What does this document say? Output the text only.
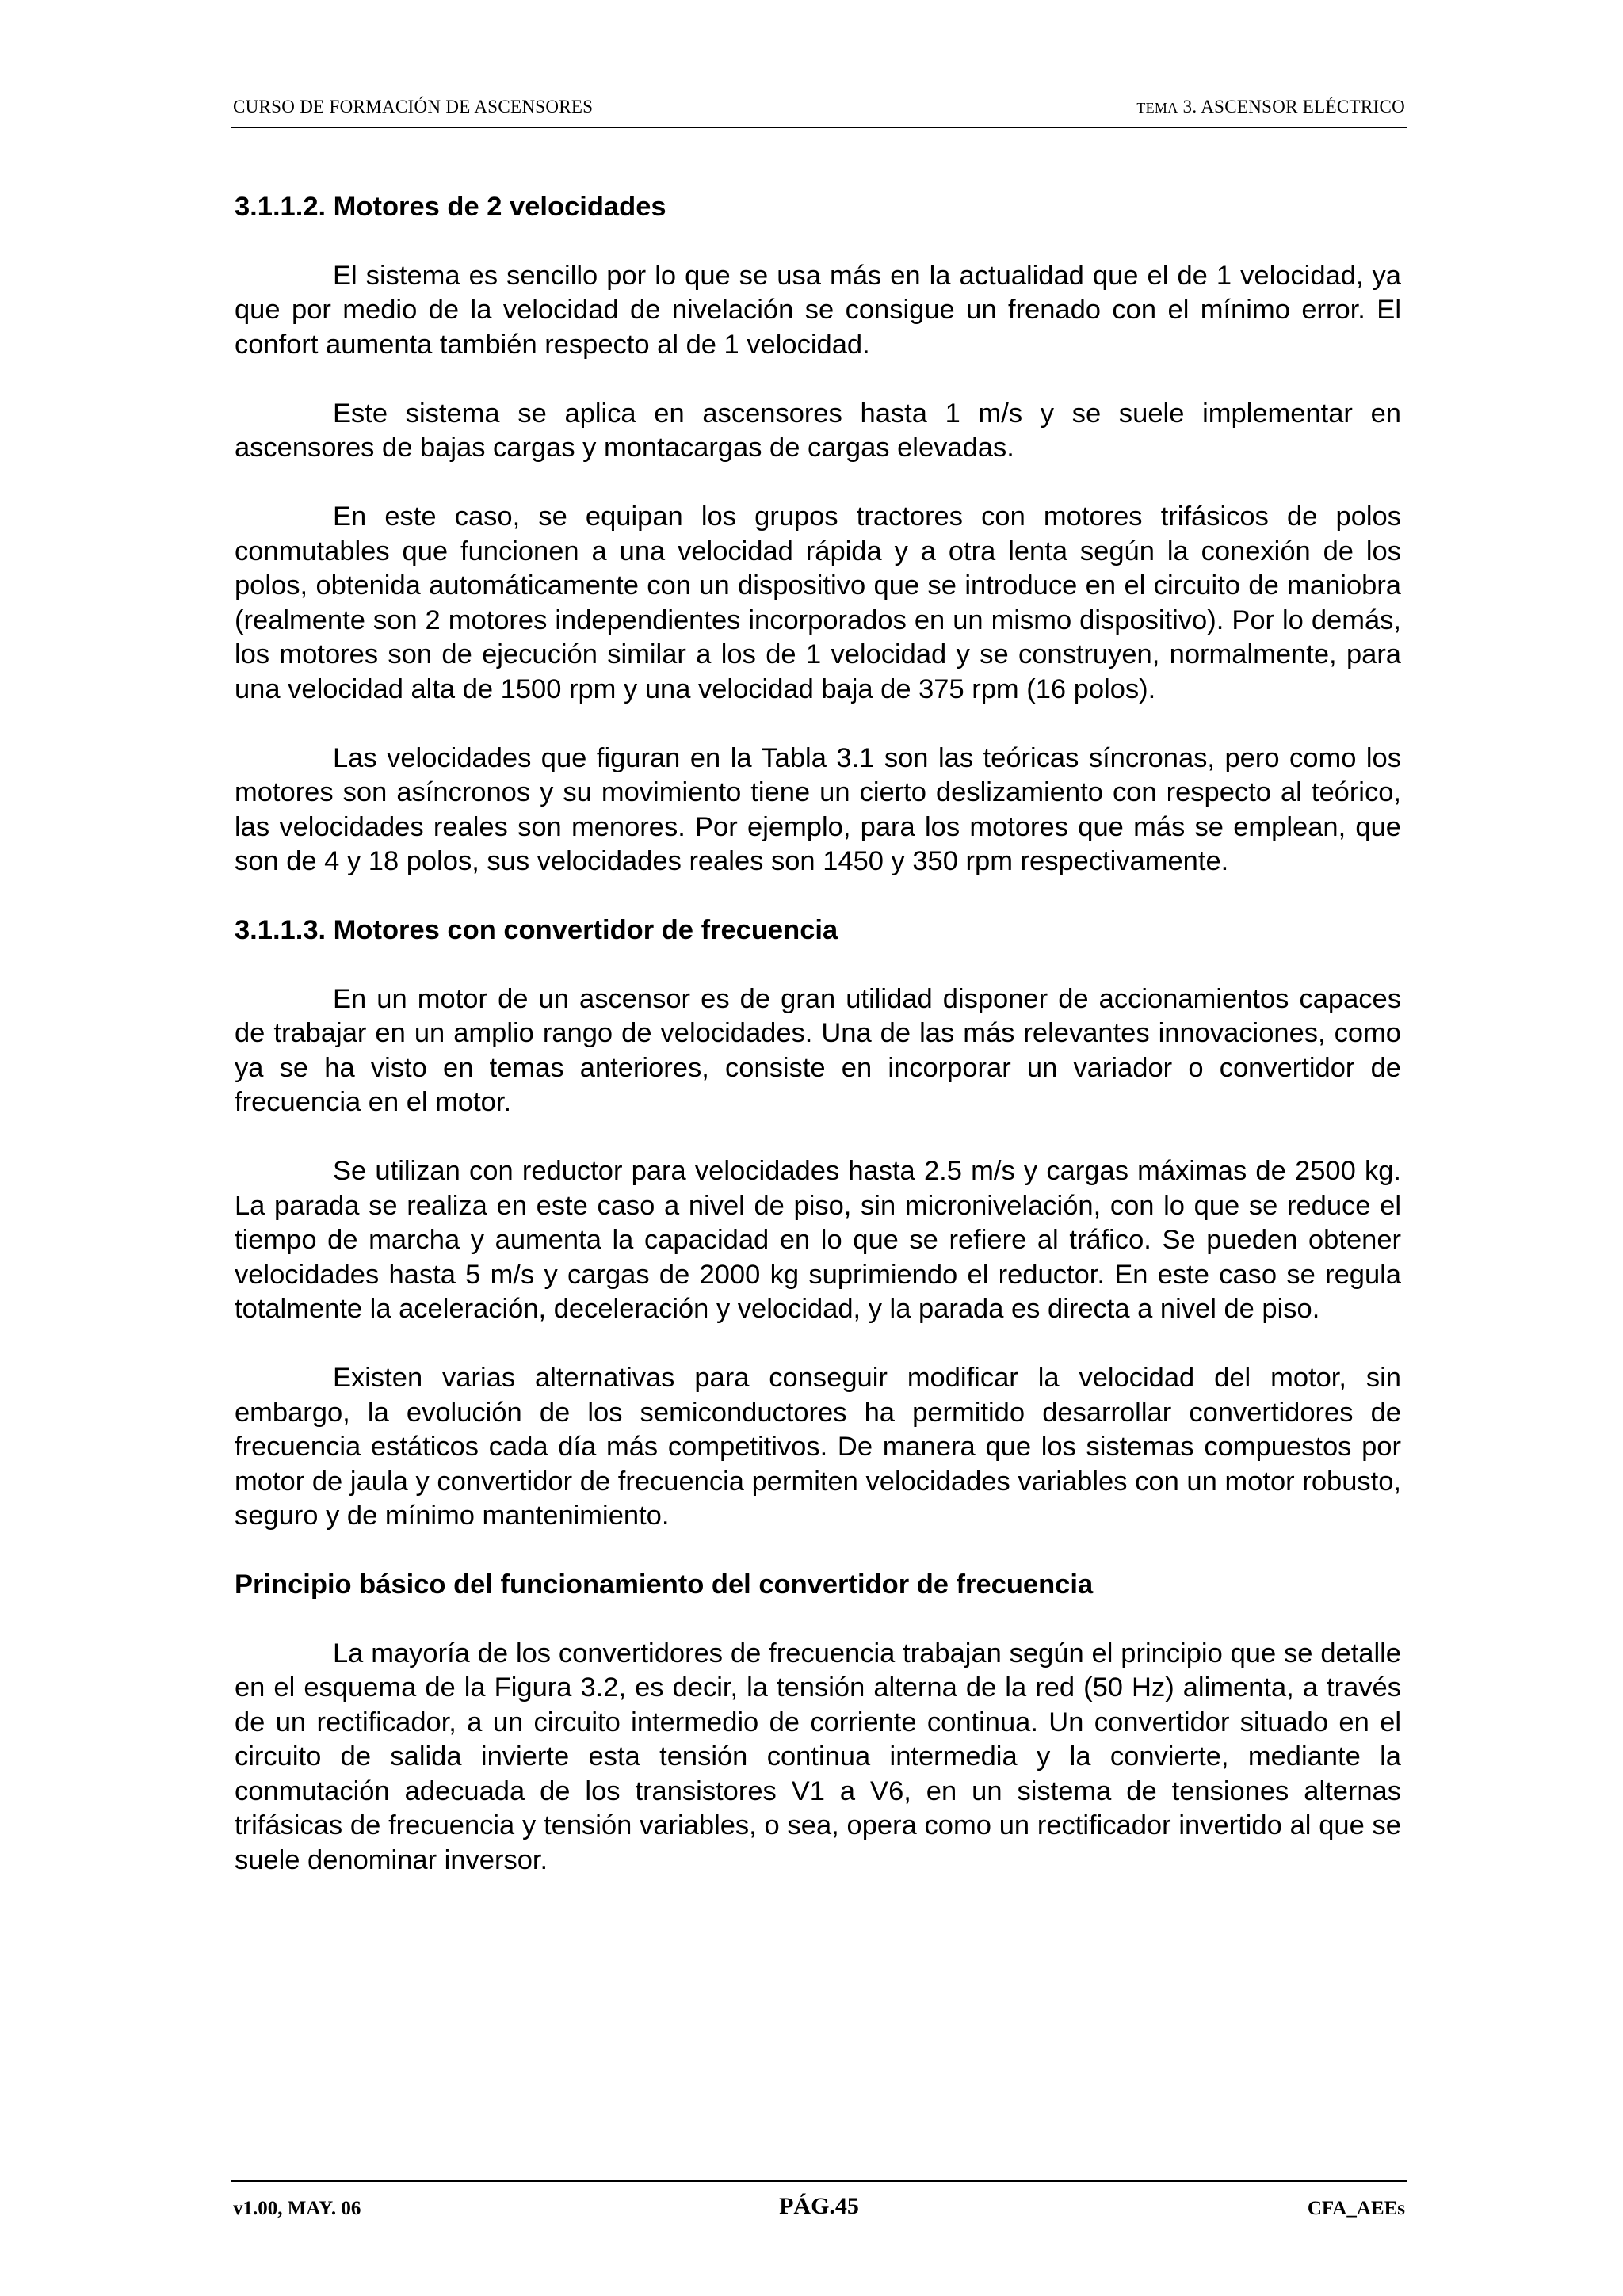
CURSO DE FORMACIÓN DE ASCENSORES	TEMA 3. ASCENSOR ELÉCTRICO
3.1.1.2. Motores de 2 velocidades

El sistema es sencillo por lo que se usa más en la actualidad que el de 1 velocidad, ya que por medio de la velocidad de nivelación se consigue un frenado con el mínimo error. El confort aumenta también respecto al de 1 velocidad.

Este sistema se aplica en ascensores hasta 1 m/s y se suele implementar en ascensores de bajas cargas y montacargas de cargas elevadas.

En este caso, se equipan los grupos tractores con motores trifásicos de polos conmutables que funcionen a una velocidad rápida y a otra lenta según la conexión de los polos, obtenida automáticamente con un dispositivo que se introduce en el circuito de maniobra (realmente son 2 motores independientes incorporados en un mismo dispositivo). Por lo demás, los motores son de ejecución similar a los de 1 velocidad y se construyen, normalmente, para una velocidad alta de 1500 rpm y una velocidad baja de 375 rpm (16 polos).

Las velocidades que figuran en la Tabla 3.1 son las teóricas síncronas, pero como los motores son asíncronos y su movimiento tiene un cierto deslizamiento con respecto al teórico, las velocidades reales son menores. Por ejemplo, para los motores que más se emplean, que son de 4 y 18 polos, sus velocidades reales son 1450 y 350 rpm respectivamente.

3.1.1.3. Motores con convertidor de frecuencia

En un motor de un ascensor es de gran utilidad disponer de accionamientos capaces de trabajar en un amplio rango de velocidades. Una de las más relevantes innovaciones, como ya se ha visto en temas anteriores, consiste en incorporar un variador o convertidor de frecuencia en el motor.

Se utilizan con reductor para velocidades hasta 2.5 m/s y cargas máximas de 2500 kg. La parada se realiza en este caso a nivel de piso, sin micronivelación, con lo que se reduce el tiempo de marcha y aumenta la capacidad en lo que se refiere al tráfico. Se pueden obtener velocidades hasta 5 m/s y cargas de 2000 kg suprimiendo el reductor. En este caso se regula totalmente la aceleración, deceleración y velocidad, y la parada es directa a nivel de piso.

Existen varias alternativas para conseguir modificar la velocidad del motor, sin embargo, la evolución de los semiconductores ha permitido desarrollar convertidores de frecuencia estáticos cada día más competitivos. De manera que los sistemas compuestos por motor de jaula y convertidor de frecuencia permiten velocidades variables con un motor robusto, seguro y de mínimo mantenimiento.

Principio básico del funcionamiento del convertidor de frecuencia

La mayoría de los convertidores de frecuencia trabajan según el principio que se detalle en el esquema de la Figura 3.2, es decir, la tensión alterna de la red (50 Hz) alimenta, a través de un rectificador, a un circuito intermedio de corriente continua. Un convertidor situado en el circuito de salida invierte esta tensión continua intermedia y la convierte, mediante la conmutación adecuada de los transistores V1 a V6, en un sistema de tensiones alternas trifásicas de frecuencia y tensión variables, o sea, opera como un rectificador invertido al que se suele denominar inversor.

v1.00, MAY. 06	PÁG.45	CFA_AEEs
